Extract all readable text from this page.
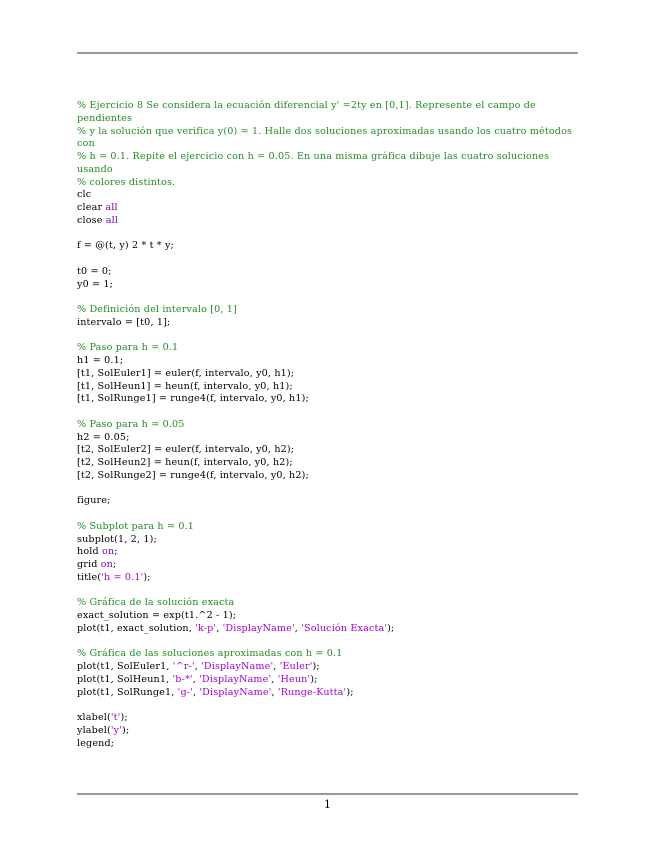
% Ejercicio 8 Se considera la ecuación diferencial y' =2ty en [0,1]. Represente el campo de pendientes
% y la solución que verifica y(0) = 1. Halle dos soluciones aproximadas usando los cuatro métodos con
% h = 0.1. Repite el ejercicio con h = 0.05. En una misma gráfica dibuje las cuatro soluciones usando
% colores distintos.
clc
clear all
close all
f = @(t, y) 2 * t * y;
t0 = 0;
y0 = 1;
% Definición del intervalo [0, 1]
intervalo = [t0, 1];
% Paso para h = 0.1
h1 = 0.1;
[t1, SolEuler1] = euler(f, intervalo, y0, h1);
[t1, SolHeun1] = heun(f, intervalo, y0, h1);
[t1, SolRunge1] = runge4(f, intervalo, y0, h1);
% Paso para h = 0.05
h2 = 0.05;
[t2, SolEuler2] = euler(f, intervalo, y0, h2);
[t2, SolHeun2] = heun(f, intervalo, y0, h2);
[t2, SolRunge2] = runge4(f, intervalo, y0, h2);
figure;
% Subplot para h = 0.1
subplot(1, 2, 1);
hold on;
grid on;
title('h = 0.1');
% Gráfica de la solución exacta
exact_solution = exp(t1.^2 - 1);
plot(t1, exact_solution, 'k-p', 'DisplayName', 'Solución Exacta');
% Gráfica de las soluciones aproximadas con h = 0.1
plot(t1, SolEuler1, '^r-', 'DisplayName', 'Euler');
plot(t1, SolHeun1, 'b-*', 'DisplayName', 'Heun');
plot(t1, SolRunge1, 'g-', 'DisplayName', 'Runge-Kutta');
xlabel('t');
ylabel('y');
legend;
1
